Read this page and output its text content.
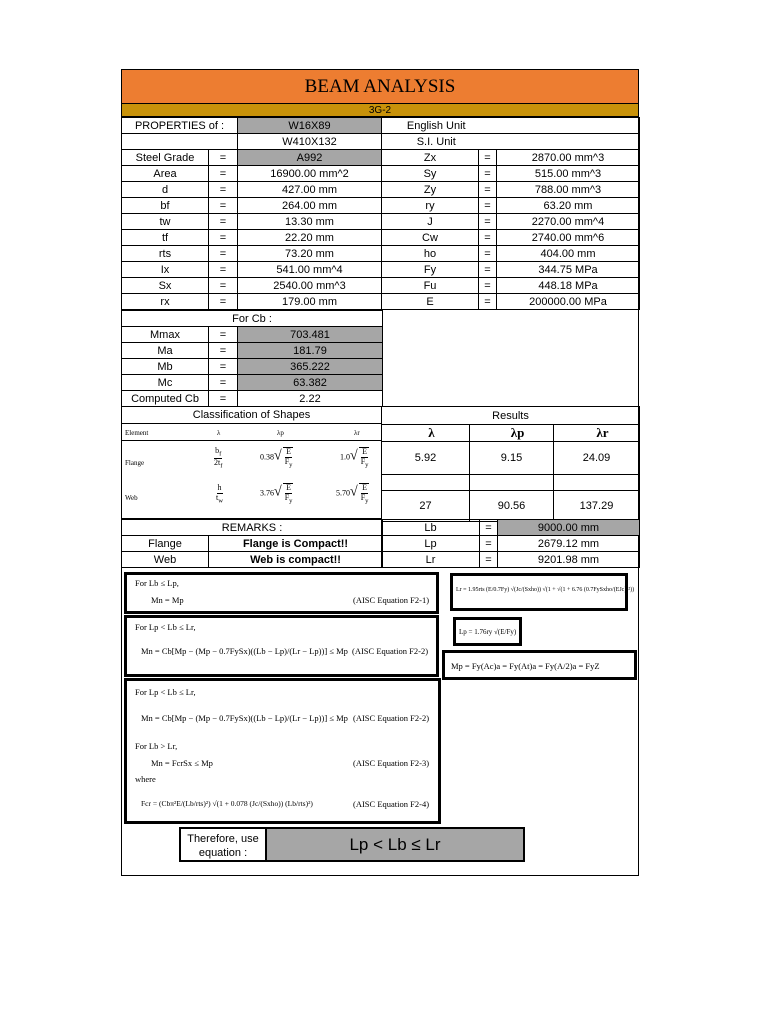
BEAM ANALYSIS
3G-2
PROPERTIES of :		W16X89	English Unit		
		W410X132	S.I. Unit		
Steel Grade	=	A992	Zx	=	2870.00 mm^3
Area	=	16900.00 mm^2	Sy	=	515.00 mm^3
d	=	427.00 mm	Zy	=	788.00 mm^3
bf	=	264.00 mm	ry	=	63.20 mm
tw	=	13.30 mm	J	=	2270.00 mm^4
tf	=	22.20 mm	Cw	=	2740.00 mm^6
rts	=	73.20 mm	ho	=	404.00 mm
Ix	=	541.00 mm^4	Fy	=	344.75 MPa
Sx	=	2540.00 mm^3	Fu	=	448.18 MPa
rx	=	179.00 mm	E	=	200000.00 MPa
For Cb :		
Mmax	=	703.481
Ma	=	181.79
Mb	=	365.222
Mc	=	63.382
Computed Cb	=	2.22
Classification of Shapes
Element	λ	λp	λr
Flange	$\frac{b_f}{2t_f}$	$0.38√ \frac{E}{F_y}$	$1.0√ \frac{E}{F_y}$
Web	$\frac{h}{t_w}$	$3.76√ \frac{E}{F_y}$	$5.70√ \frac{E}{F_y}$
Results		
λ	λp	λr
5.92	9.15	24.09

27	90.56	137.29
REMARKS :	
Flange	Flange is Compact!!
Web	Web is compact!!
Lb	=	9000.00 mm
Lp	=	2679.12 mm
Lr	=	9201.98 mm
For Lb ≤ Lp,
Mn = Mp	(AISC Equation F2-1)
For Lp < Lb ≤ Lr,
Mn = Cb[Mp − (Mp − 0.7FySx)((Lb − Lp)/(Lr − Lp))] ≤ Mp (AISC Equation F2-2)
For Lp < Lb ≤ Lr,
Mn = Cb[Mp − (Mp − 0.7FySx)((Lb − Lp)/(Lr − Lp))] ≤ Mp (AISC Equation F2-2)
For Lb > Lr,
Mn = FcrSx ≤ Mp	(AISC Equation F2-3)
where
Fcr = (Cbπ²E/(Lb/rts)²) √(1 + 0.078 (Jc/(Sxho)) (Lb/rts)²)	(AISC Equation F2-4)
Lr = 1.95rts (E/0.7Fy) √(Jc/(Sxho)) √(1 + √(1 + 6.76 (0.7FySxho/(EJc))²))
Lp = 1.76ry √(E/Fy)
Mp = Fy(Ac)a = Fy(At)a = Fy(A/2)a = FyZ
Therefore, use equation :	Lp < Lb ≤ Lr
